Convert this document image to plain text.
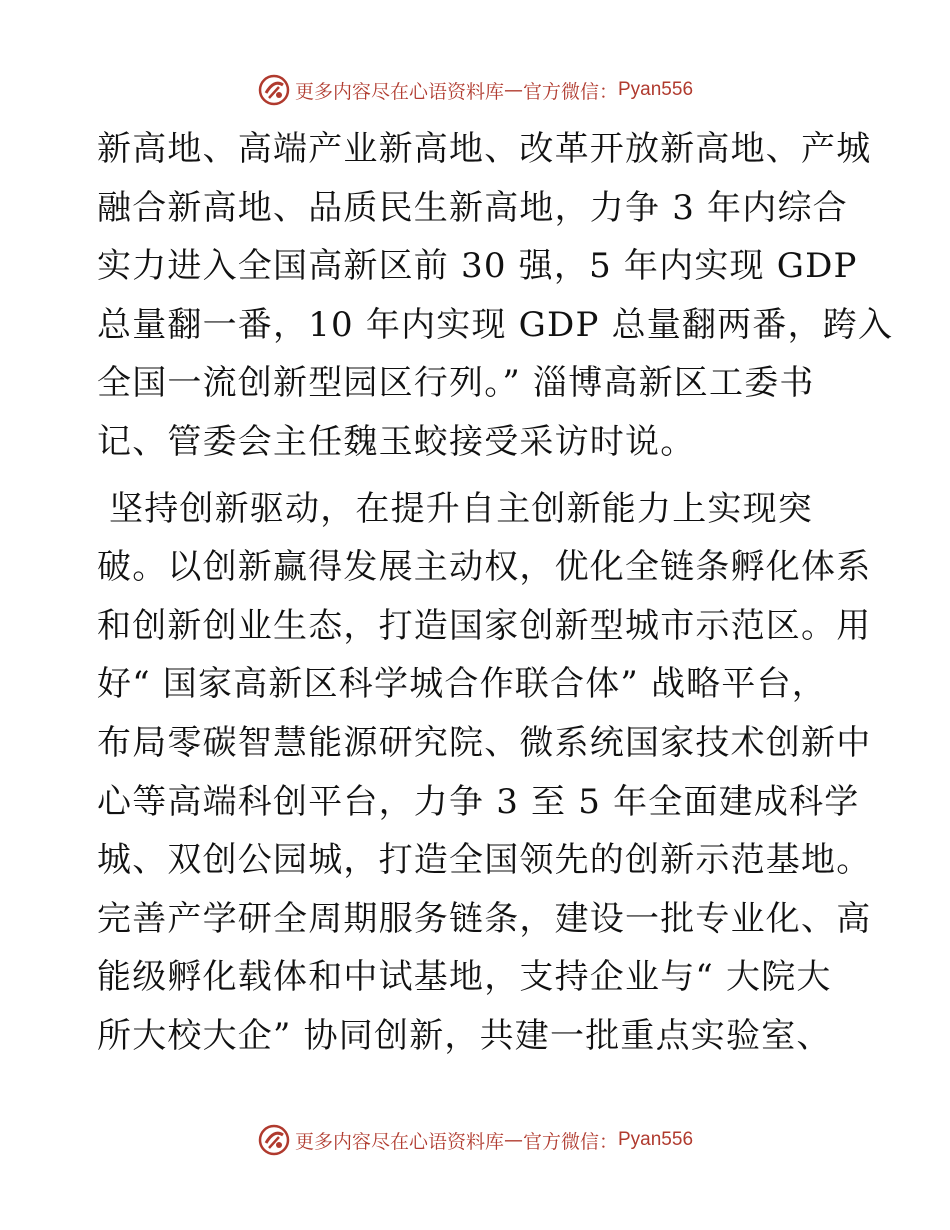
更多内容尽在心语资料库 — 官方微信： Pyan556
新高地、高端产业新高地、改革开放新高地、产城
融合新高地、品质民生新高地，力争 3 年内综合
实力进入全国高新区前 30 强，5 年内实现 GDP
总量翻一番，10 年内实现 GDP 总量翻两番，跨入
全国一流创新型园区行列。” 淄博高新区工委书
记、管委会主任魏玉蛟接受采访时说。
坚持创新驱动，在提升自主创新能力上实现突
破。以创新赢得发展主动权，优化全链条孵化体系
和创新创业生态，打造国家创新型城市示范区。用
好“ 国家高新区科学城合作联合体” 战略平台，
布局零碳智慧能源研究院、微系统国家技术创新中
心等高端科创平台，力争 3 至 5 年全面建成科学
城、双创公园城，打造全国领先的创新示范基地。
完善产学研全周期服务链条，建设一批专业化、高
能级孵化载体和中试基地，支持企业与“ 大院大
所大校大企” 协同创新，共建一批重点实验室、
更多内容尽在心语资料库 — 官方微信： Pyan556
